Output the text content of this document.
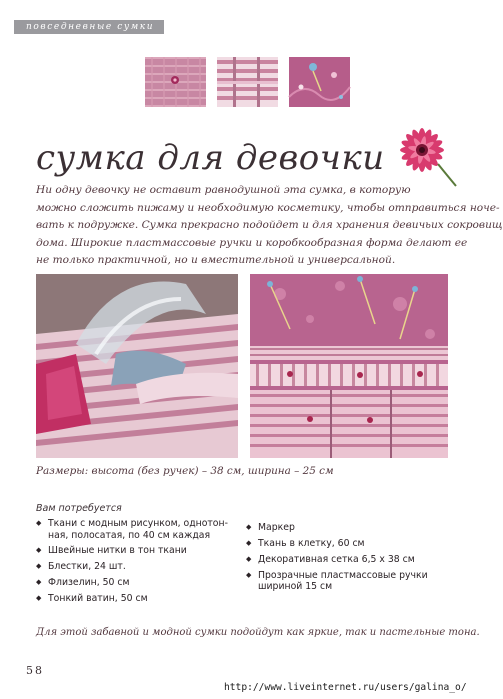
повседневные сумки
сумка для девочки
Ни одну девочку не оставит равнодушной эта сумка, в которую
можно сложить пижаму и необходимую косметику, чтобы отправиться ноче-
вать к подружке. Сумка прекрасно подойдет и для хранения девичьих сокровищ
дома. Широкие пластмассовые ручки и коробкообразная форма делают ее
не только практичной, но и вместительной и универсальной.
Размеры: высота (без ручек) – 38 см, ширина – 25 см
Вам потребуется
◆ Ткани с модным рисунком, однотон-
ная, полосатая, по 40 см каждая
◆ Швейные нитки в тон ткани
◆ Блестки, 24 шт.
◆ Флизелин, 50 см
◆ Тонкий ватин, 50 см
◆ Маркер
◆ Ткань в клетку, 60 см
◆ Декоративная сетка 6,5 х 38 см
◆ Прозрачные пластмассовые ручки
шириной 15 см
Для этой забавной и модной сумки подойдут как яркие, так и пастельные тона.
58
http://www.liveinternet.ru/users/galina_o/
